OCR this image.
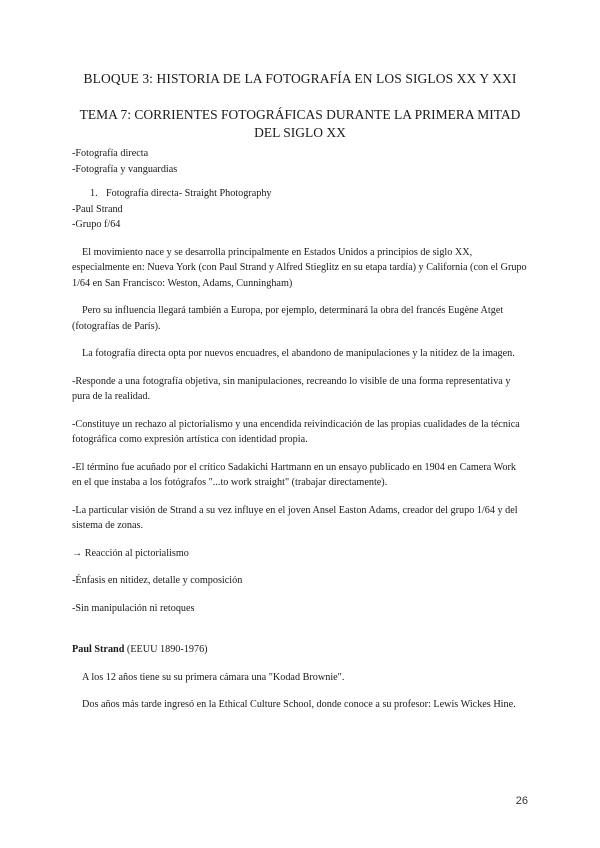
BLOQUE 3: HISTORIA DE LA FOTOGRAFÍA EN LOS SIGLOS XX Y XXI
TEMA 7: CORRIENTES FOTOGRÁFICAS DURANTE LA PRIMERA MITAD DEL SIGLO XX

-Fotografía directa

-Fotografía y vanguardias

1. Fotografía directa- Straight Photography

-Paul Strand

-Grupo f/64

El movimiento nace y se desarrolla principalmente en Estados Unidos a principios de siglo XX, especialmente en: Nueva York (con Paul Strand y Alfred Stieglitz en su etapa tardía) y California (con el Grupo 1/64 en San Francisco: Weston, Adams, Cunningham)

Pero su influencia llegará también a Europa, por ejemplo, determinará la obra del francés Eugène Atget (fotografías de París).

La fotografía directa opta por nuevos encuadres, el abandono de manipulaciones y la nitidez de la imagen.

-Responde a una fotografía objetiva, sin manipulaciones, recreando lo visible de una forma representativa y pura de la realidad.

-Constituye un rechazo al pictorialismo y una encendida reivindicación de las propias cualidades de la técnica fotográfica como expresión artística con identidad propia.

-El término fue acuñado por el crítico Sadakichi Hartmann en un ensayo publicado en 1904 en Camera Work en el que instaba a los fotógrafos "...to work straight" (trabajar directamente).

-La particular visión de Strand a su vez influye en el joven Ansel Easton Adams, creador del grupo 1/64 y del sistema de zonas.

→ Reacción al pictorialismo

-Énfasis en nitidez, detalle y composición

-Sin manipulación ni retoques

Paul Strand (EEUU 1890-1976)

A los 12 años tiene su su primera cámara una "Kodad Brownie".

Dos años más tarde ingresó en la Ethical Culture School, donde conoce a su profesor: Lewis Wickes Hine.

26
